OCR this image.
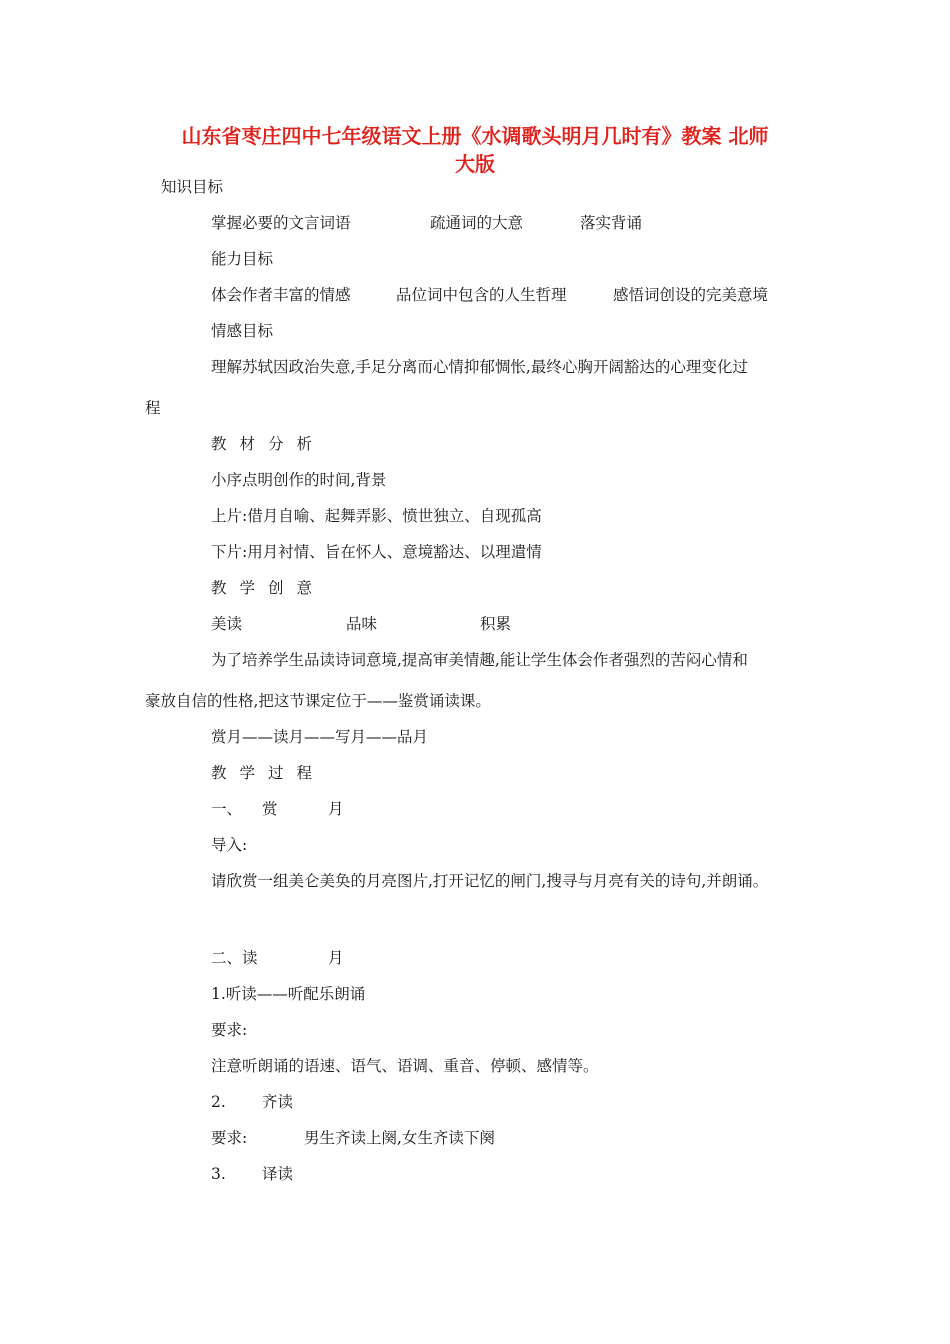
山东省枣庄四中七年级语文上册《水调歌头明月几时有》教案 北师
大版
知识目标
掌握必要的文言词语	疏通词的大意	落实背诵
能力目标
体会作者丰富的情感	品位词中包含的人生哲理	感悟词创设的完美意境
情感目标
理解苏轼因政治失意,手足分离而心情抑郁惆怅,最终心胸开阔豁达的心理变化过
程
教材分析
小序点明创作的时间,背景
上片:借月自喻、起舞弄影、愤世独立、自现孤高
下片:用月衬情、旨在怀人、意境豁达、以理遣情
教学创意
美读	品味	积累
为了培养学生品读诗词意境,提高审美情趣,能让学生体会作者强烈的苦闷心情和
豪放自信的性格,把这节课定位于——鉴赏诵读课。
赏月——读月——写月——品月
教学过程
一、 赏	月
导入:
请欣赏一组美仑美奂的月亮图片,打开记忆的闸门,搜寻与月亮有关的诗句,并朗诵。
二、读	月
1.听读——听配乐朗诵
要求:
注意听朗诵的语速、语气、语调、重音、停顿、感情等。
2. 齐读
要求:	男生齐读上阕,女生齐读下阕
3. 译读
